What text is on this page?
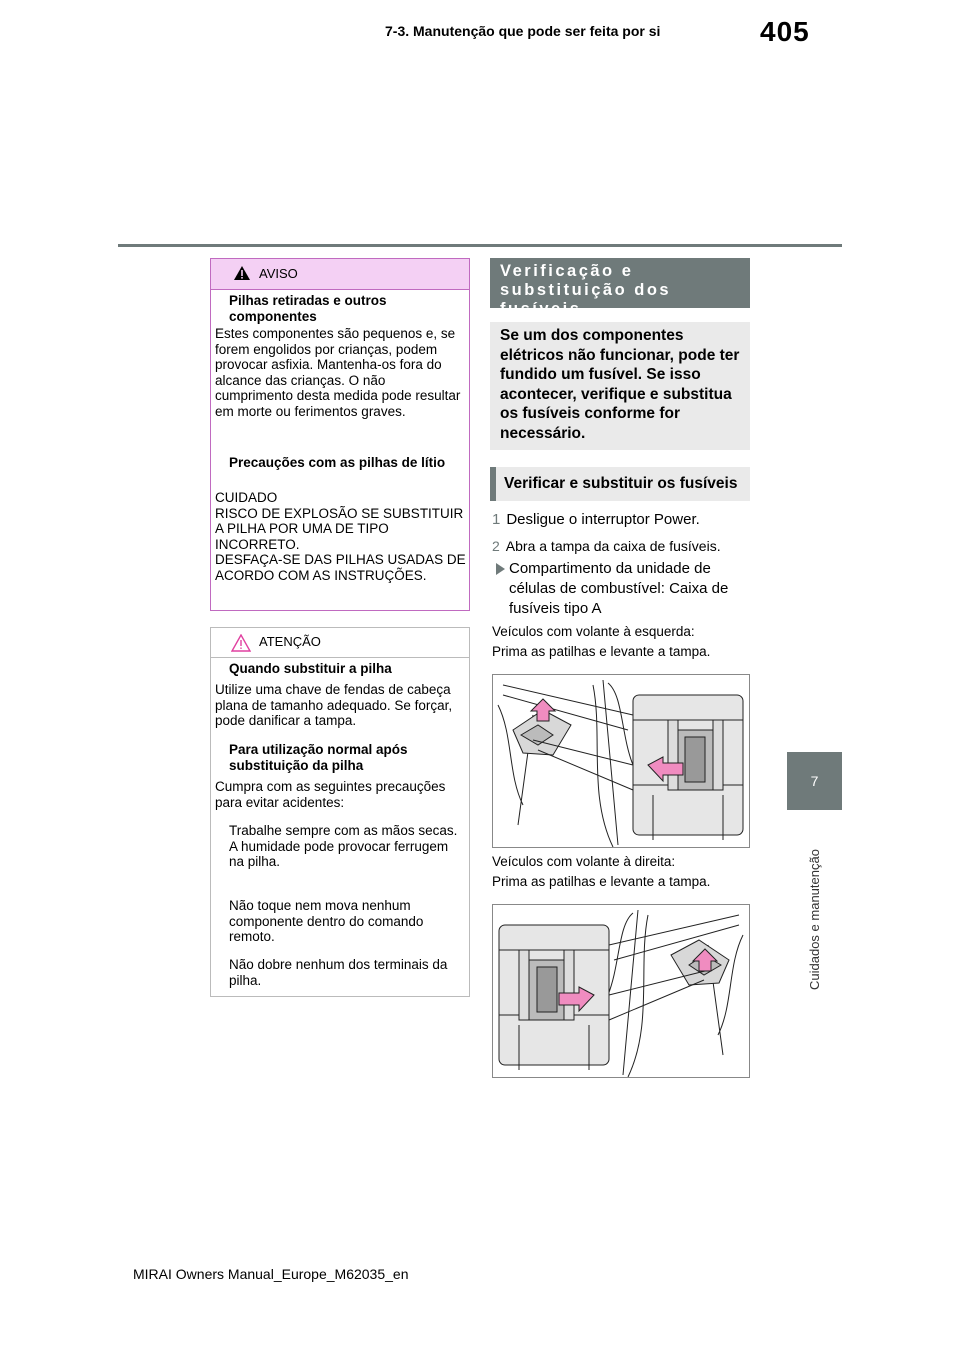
405
7-3. Manutenção que pode ser feita por si
7
Cuidados e manutenção
AVISO
Pilhas retiradas e outros componentes
Estes componentes são pequenos e, se forem engolidos por crianças, podem provocar asfixia. Mantenha-os fora do alcance das crianças. O não cumprimento desta medida pode resultar em morte ou ferimentos graves.
Precauções com as pilhas de lítio
CUIDADO
RISCO DE EXPLOSÃO SE SUBSTITUIR A PILHA POR UMA DE TIPO INCORRETO.
DESFAÇA-SE DAS PILHAS USADAS DE ACORDO COM AS INSTRUÇÕES.
ATENÇÃO
Quando substituir a pilha
Utilize uma chave de fendas de cabeça plana de tamanho adequado. Se forçar, pode danificar a tampa.
Para utilização normal após substituição da pilha
Cumpra com as seguintes precauções para evitar acidentes:
Trabalhe sempre com as mãos secas.
A humidade pode provocar ferrugem na pilha.
Não toque nem mova nenhum componente dentro do comando remoto.
Não dobre nenhum dos terminais da pilha.
Verificação e substituição dos fusíveis
Se um dos componentes elétricos não funcionar, pode ter fundido um fusível. Se isso acontecer, verifique e substitua os fusíveis conforme for necessário.
Verificar e substituir os fusíveis
1 Desligue o interruptor Power.
2 Abra a tampa da caixa de fusíveis.
Compartimento da unidade de células de combustível: Caixa de fusíveis tipo A
Veículos com volante à esquerda:
Prima as patilhas e levante a tampa.
Veículos com volante à direita:
Prima as patilhas e levante a tampa.
MIRAI Owners Manual_Europe_M62035_en
